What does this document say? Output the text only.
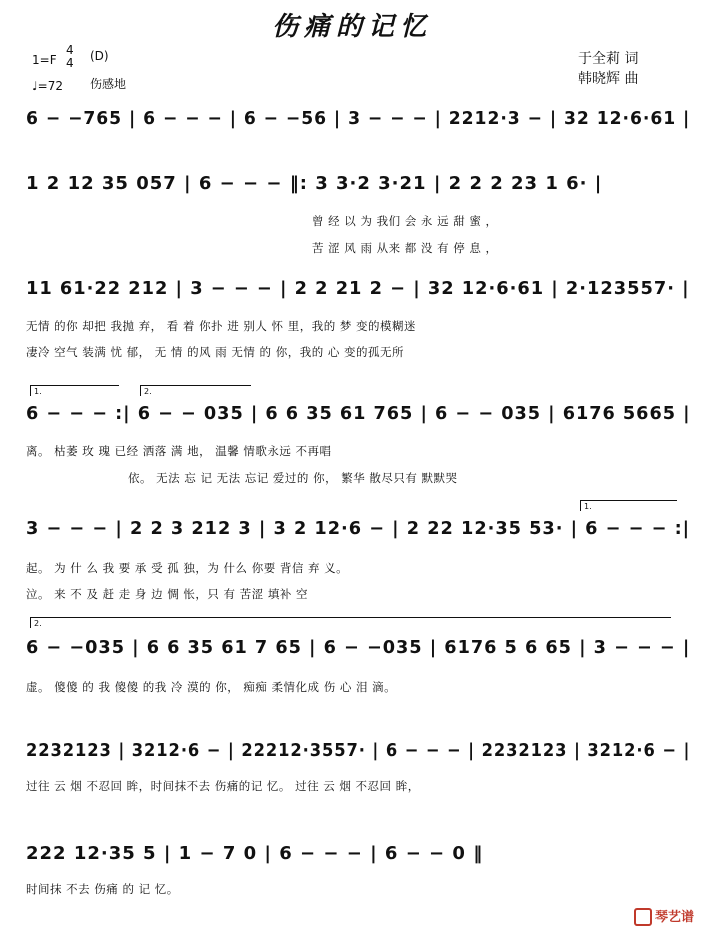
伤痛的记忆
1=F
4
4 (D)
♩=72 伤感地
于全莉 词
韩晓辉 曲
6 − −765 | 6 − − − | 6 − −56 | 3 − − − | 2212·3 − | 32 12·6·61 |
1 2 12 35 057 | 6 − − − ‖: 3 3·2 3·21 | 2 2 2 23 1 6· |
曾 经 以 为 我们 会 永 远 甜 蜜 ，
苦 涩 风 雨 从来 都 没 有 停 息 ，
11 61·22 212 | 3 − − − | 2 2 21 2 − | 32 12·6·61 | 2·123557· |
无情 的你 却把 我抛 弃， 看 着 你扑 进 别人 怀 里，我的 梦 变的模糊迷
凄冷 空气 装满 忧 郁， 无 情 的风 雨 无情 的 你，我的 心 变的孤无所
1.	2.
6 − − − :| 6 − − 035 | 6 6 35 61 765 | 6 − − 035 | 6176 5665 |
离。 枯萎 玫 瑰 已经 洒落 满 地， 温馨 情歌永远 不再唱
依。 无法 忘 记 无法 忘记 爱过的 你， 繁华 散尽只有 默默哭
1.
3 − − − | 2 2 3 212 3 | 3 2 12·6 − | 2 22 12·35 53· | 6 − − − :|
起。 为 什 么 我 要 承 受 孤 独，为 什么 你要 背信 弃 义。
泣。 来 不 及 赶 走 身 边 惆 怅，只 有 苦涩 填补 空
2.
6 − −035 | 6 6 35 61 7 65 | 6 − −035 | 6176 5 6 65 | 3 − − − |
虚。 傻傻 的 我 傻傻 的我 冷 漠的 你， 痴痴 柔情化成 伤 心 泪 滴。
2232123 | 3212·6 − | 22212·3557· | 6 − − − | 2232123 | 3212·6 − |
过往 云 烟 不忍回 眸，时间抹不去 伤痛的记 忆。 过往 云 烟 不忍回 眸，
222 12·35 5 | 1 − 7 0 | 6 − − − | 6 − − 0 ‖
时间抹 不去 伤痛 的 记 忆。
琴艺谱
